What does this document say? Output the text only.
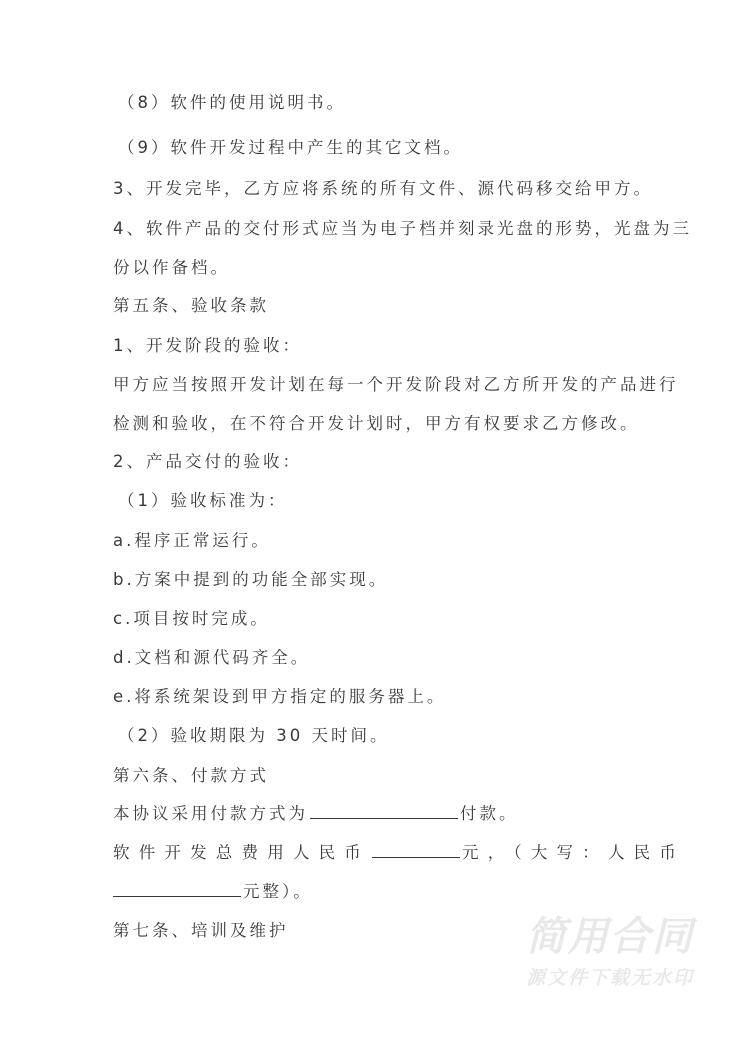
（8）软件的使用说明书。
（9）软件开发过程中产生的其它文档。
3、开发完毕，乙方应将系统的所有文件、源代码移交给甲方。
4、软件产品的交付形式应当为电子档并刻录光盘的形势，光盘为三
份以作备档。
第五条、验收条款
1、开发阶段的验收：
甲方应当按照开发计划在每一个开发阶段对乙方所开发的产品进行
检测和验收，在不符合开发计划时，甲方有权要求乙方修改。
2、产品交付的验收：
（1）验收标准为：
a.程序正常运行。
b.方案中提到的功能全部实现。
c.项目按时完成。
d.文档和源代码齐全。
e.将系统架设到甲方指定的服务器上。
（2）验收期限为 30 天时间。
第六条、付款方式
本协议采用付款方式为	付款。
软件开发总费用人民币	元，（大写：人民币
元整）。
第七条、培训及维护	简用合同
源文件下载无水印
